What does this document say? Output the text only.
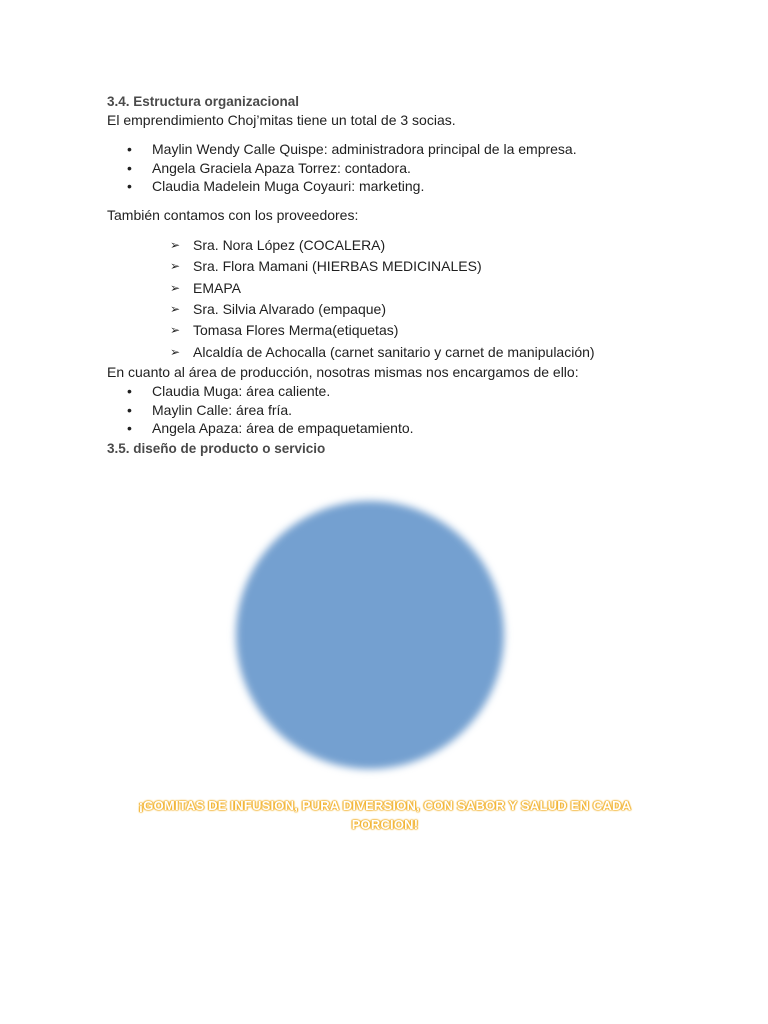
3.4. Estructura organizacional

El emprendimiento Choj’mitas tiene un total de 3 socias.

• Maylin Wendy Calle Quispe: administradora principal de la empresa.
• Angela Graciela Apaza Torrez: contadora.
• Claudia Madelein Muga Coyauri: marketing.

También contamos con los proveedores:

➢ Sra. Nora López (COCALERA)
➢ Sra. Flora Mamani (HIERBAS MEDICINALES)
➢ EMAPA
➢ Sra. Silvia Alvarado (empaque)
➢ Tomasa Flores Merma(etiquetas)
➢ Alcaldía de Achocalla (carnet sanitario y carnet de manipulación)

En cuanto al área de producción, nosotras mismas nos encargamos de ello:

• Claudia Muga: área caliente.
• Maylin Calle: área fría.
• Angela Apaza: área de empaquetamiento.

3.5. diseño de producto o servicio

¡GOMITAS DE INFUSION, PURA DIVERSION, CON SABOR Y SALUD EN CADA PORCION!
